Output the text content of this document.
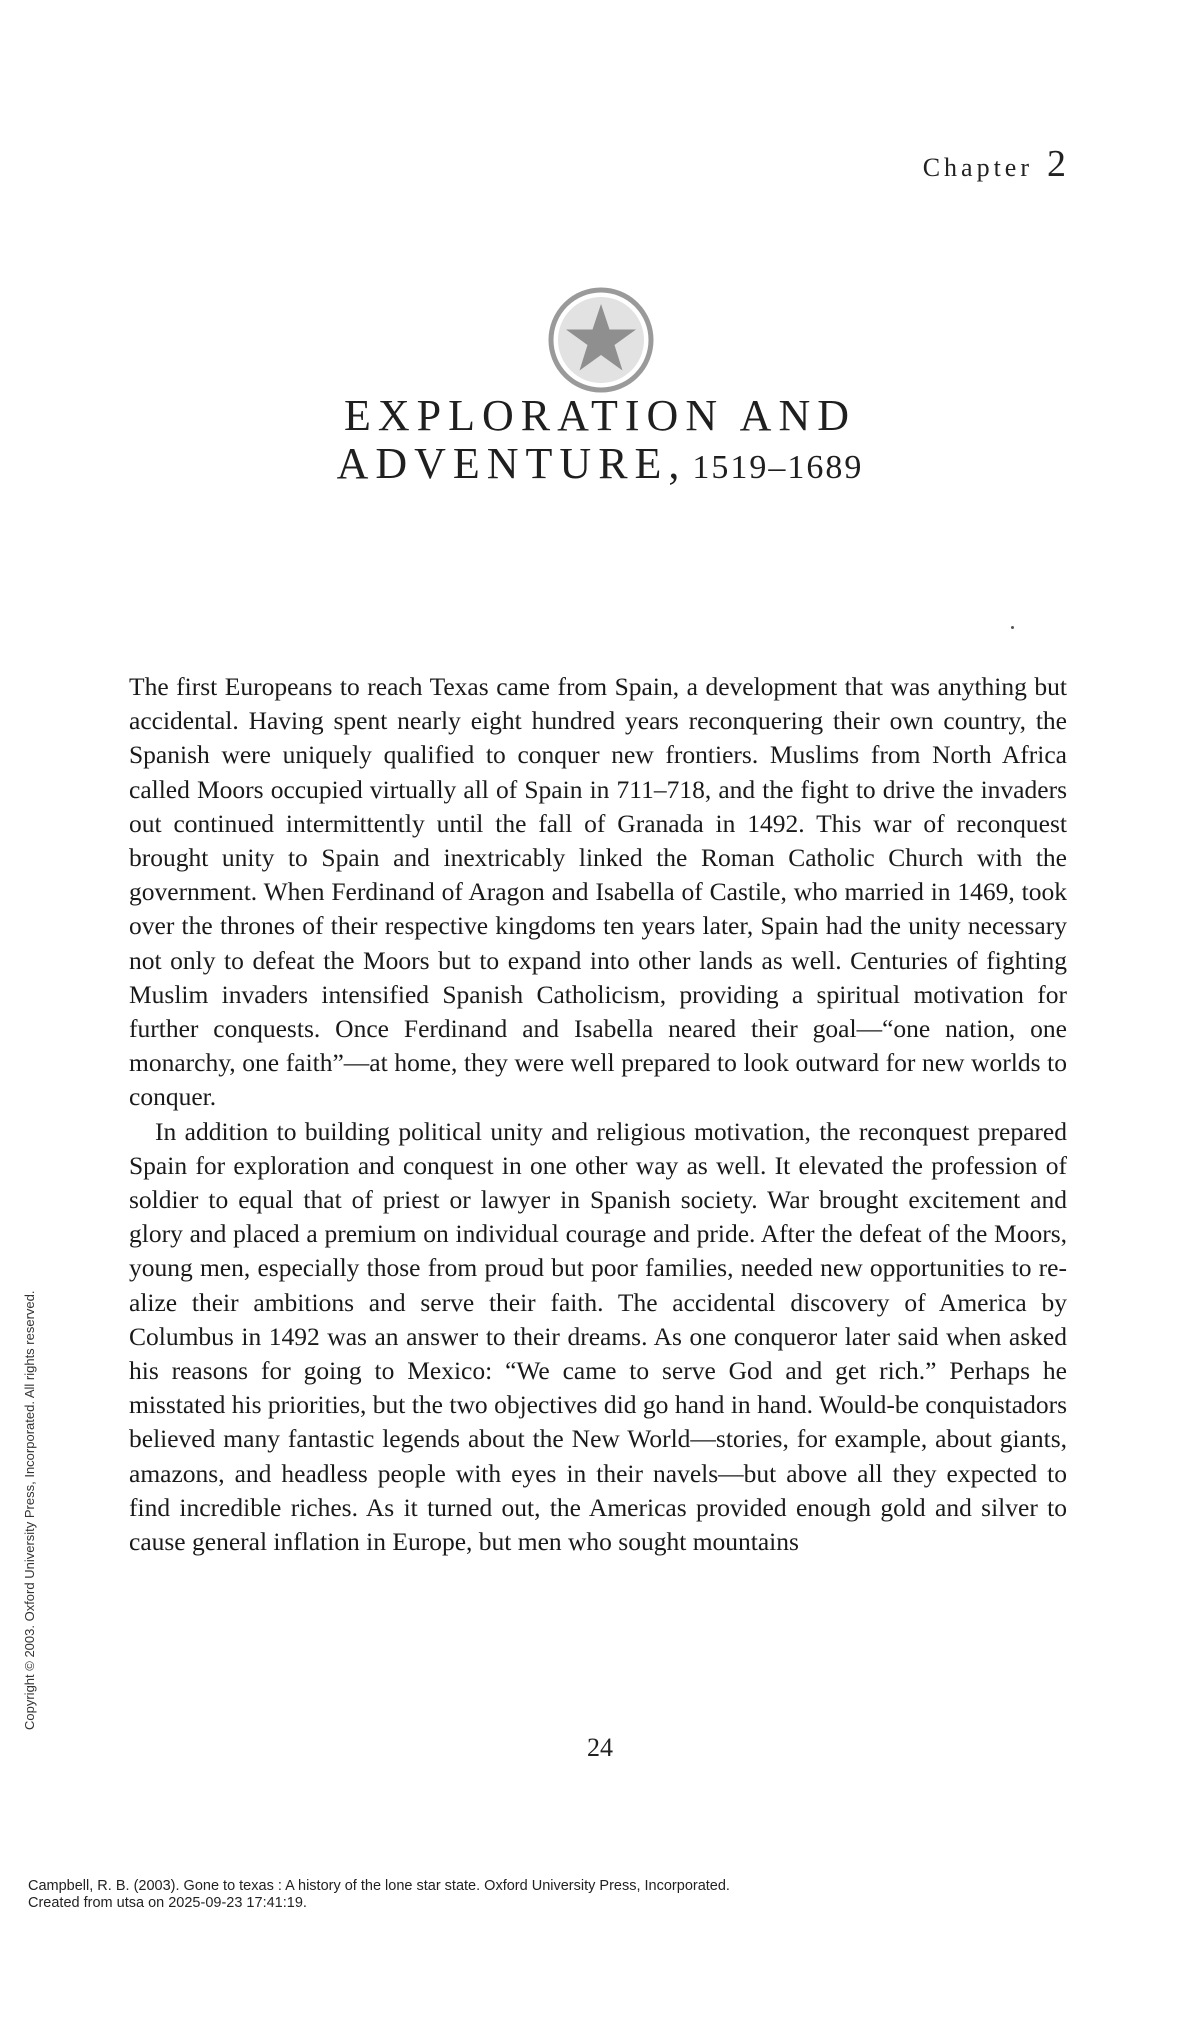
Chapter 2
EXPLORATION AND
ADVENTURE, 1519–1689

The first Europeans to reach Texas came from Spain, a development that was anything but accidental. Having spent nearly eight hundred years reconquering their own country, the Spanish were uniquely qualified to conquer new frontiers. Muslims from North Africa called Moors occupied virtually all of Spain in 711–718, and the fight to drive the invaders out continued intermittently until the fall of Granada in 1492. This war of reconquest brought unity to Spain and inextricably linked the Roman Catholic Church with the government. When Ferdinand of Aragon and Isabella of Castile, who married in 1469, took over the thrones of their respective kingdoms ten years later, Spain had the unity necessary not only to defeat the Moors but to expand into other lands as well. Centuries of fighting Muslim invaders intensified Spanish Catholicism, providing a spiritual motivation for further conquests. Once Ferdinand and Isabella neared their goal—“one nation, one monarchy, one faith”—at home, they were well prepared to look outward for new worlds to conquer.

In addition to building political unity and religious motivation, the reconquest prepared Spain for exploration and conquest in one other way as well. It elevated the profession of soldier to equal that of priest or lawyer in Spanish society. War brought excitement and glory and placed a premium on individual courage and pride. After the defeat of the Moors, young men, especially those from proud but poor families, needed new opportunities to realize their ambitions and serve their faith. The accidental discovery of America by Columbus in 1492 was an answer to their dreams. As one conqueror later said when asked his reasons for going to Mexico: “We came to serve God and get rich.” Perhaps he misstated his priorities, but the two objectives did go hand in hand. Would-be conquistadors believed many fantastic legends about the New World—stories, for example, about giants, amazons, and headless people with eyes in their navels—but above all they expected to find incredible riches. As it turned out, the Americas provided enough gold and silver to cause general inflation in Europe, but men who sought mountains

24
Copyright © 2003. Oxford University Press, Incorporated. All rights reserved.
Campbell, R. B. (2003). Gone to texas : A history of the lone star state. Oxford University Press, Incorporated.
Created from utsa on 2025-09-23 17:41:19.
